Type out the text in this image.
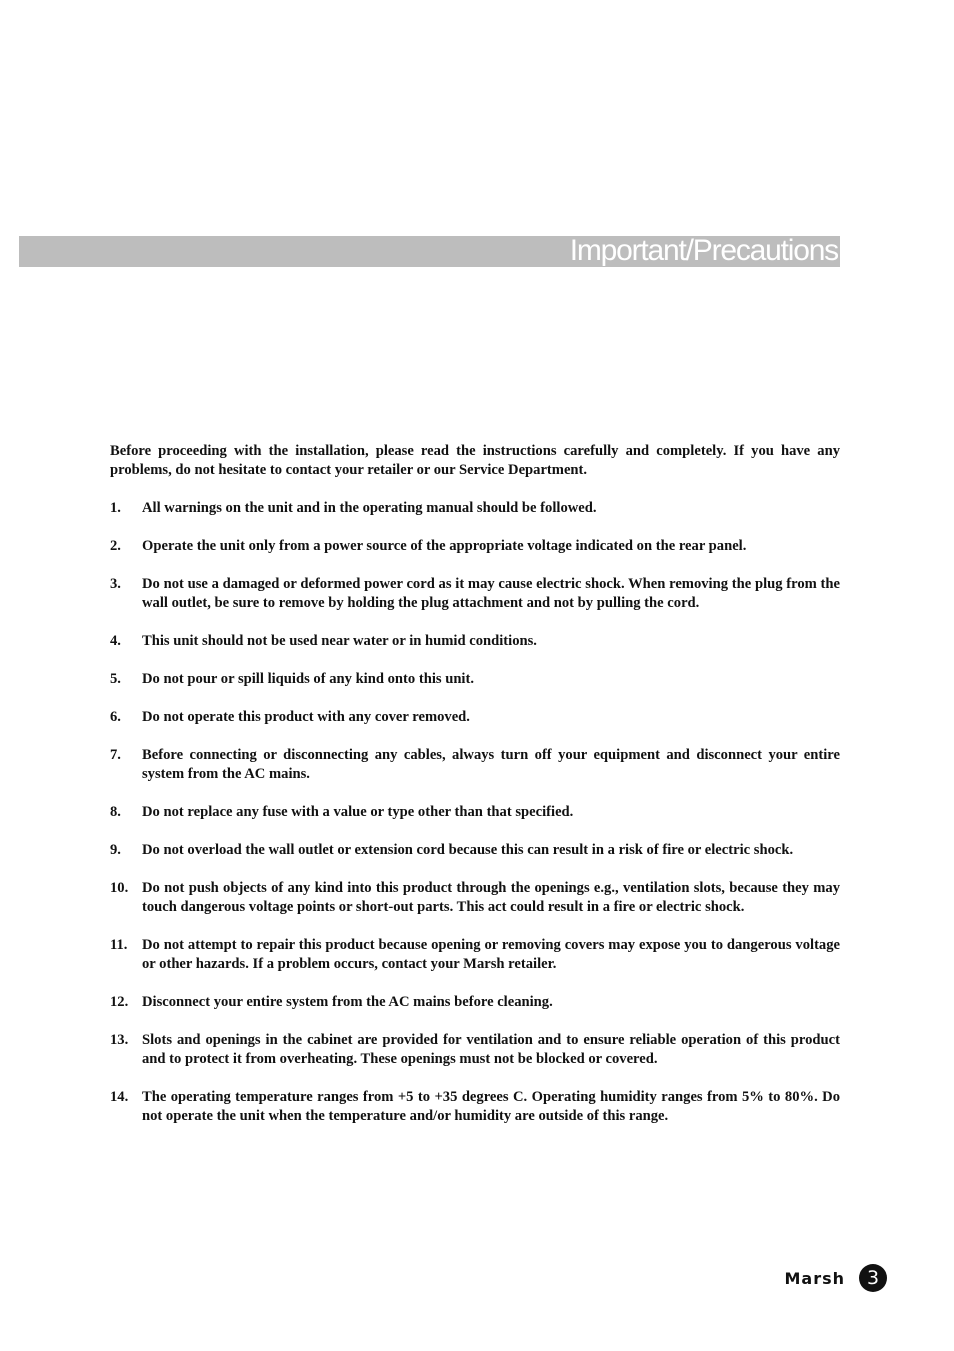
Important/Precautions

Before proceeding with the installation, please read the instructions carefully and completely. If you have any problems, do not hesitate to contact your retailer or our Service Department.

1. All warnings on the unit and in the operating manual should be followed.
2. Operate the unit only from a power source of the appropriate voltage indicated on the rear panel.
3. Do not use a damaged or deformed power cord as it may cause electric shock. When removing the plug from the wall outlet, be sure to remove by holding the plug attachment and not by pulling the cord.
4. This unit should not be used near water or in humid conditions.
5. Do not pour or spill liquids of any kind onto this unit.
6. Do not operate this product with any cover removed.
7. Before connecting or disconnecting any cables, always turn off your equipment and disconnect your entire system from the AC mains.
8. Do not replace any fuse with a value or type other than that specified.
9. Do not overload the wall outlet or extension cord because this can result in a risk of fire or electric shock.
10. Do not push objects of any kind into this product through the openings e.g., ventilation slots, because they may touch dangerous voltage points or short-out parts. This act could result in a fire or electric shock.
11. Do not attempt to repair this product because opening or removing covers may expose you to dangerous voltage or other hazards. If a problem occurs, contact your Marsh retailer.
12. Disconnect your entire system from the AC mains before cleaning.
13. Slots and openings in the cabinet are provided for ventilation and to ensure reliable operation of this product and to protect it from overheating. These openings must not be blocked or covered.
14. The operating temperature ranges from +5 to +35 degrees C. Operating humidity ranges from 5% to 80%. Do not operate the unit when the temperature and/or humidity are outside of this range.
Marsh 3
